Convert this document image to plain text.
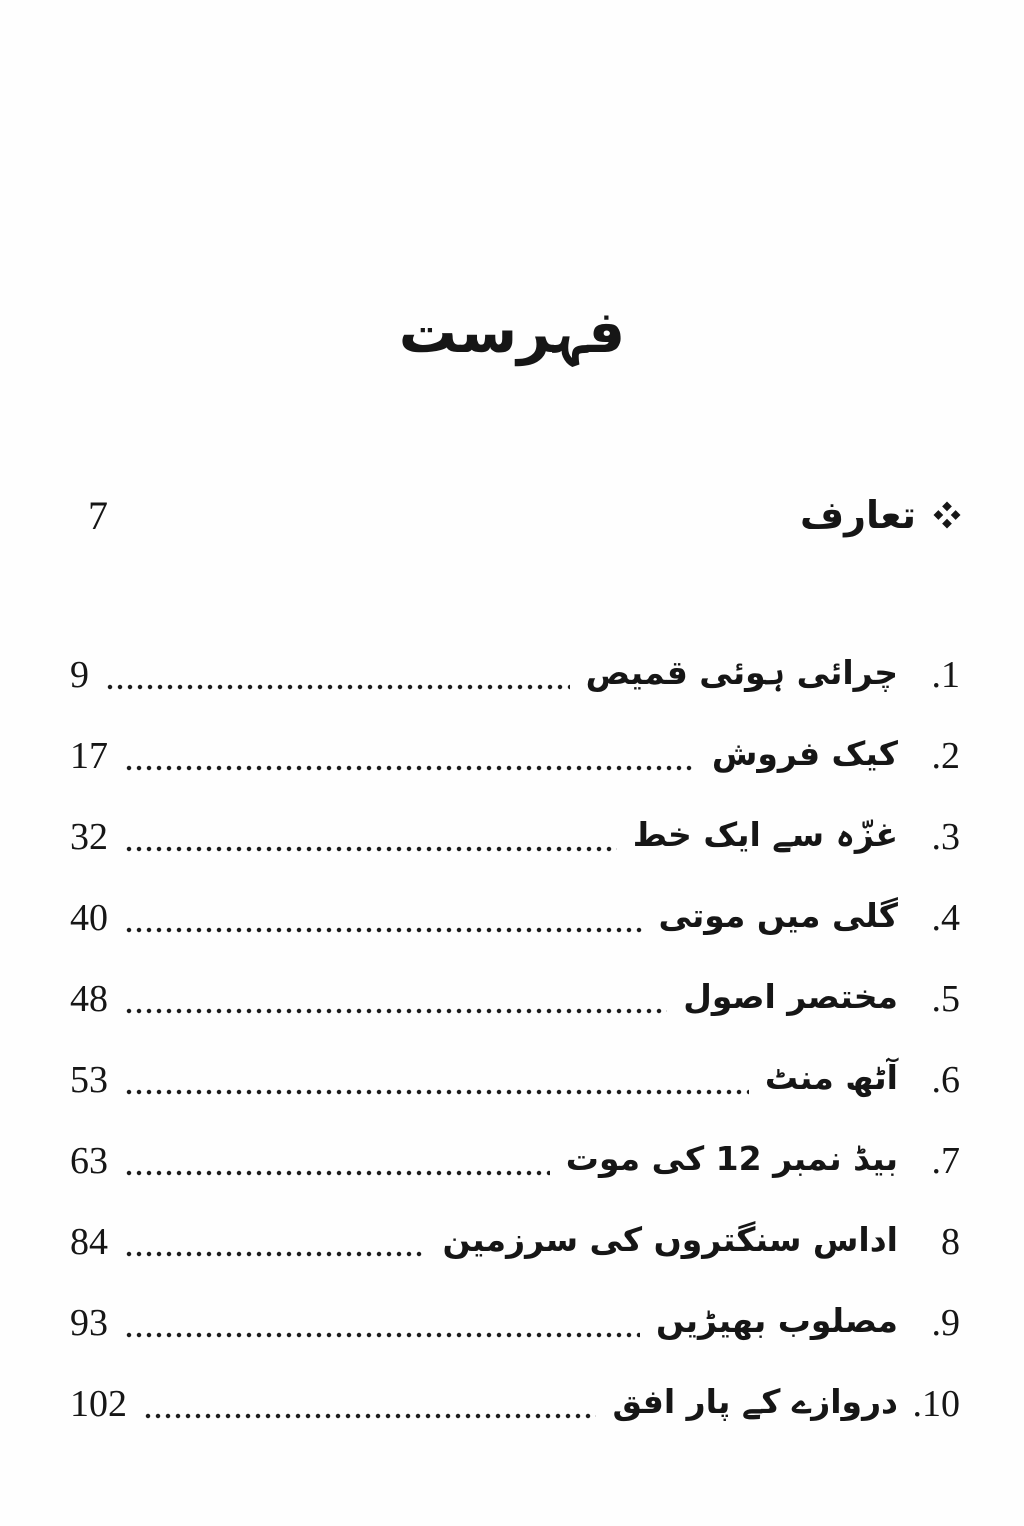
فہرست
تعارف
7
1.
چرائی ہوئی قمیص
9
2.
کیک فروش
17
3.
غزّہ سے ایک خط
32
4.
گلی میں موتی
40
5.
مختصر اصول
48
6.
آٹھ منٹ
53
7.
بیڈ نمبر 12 کی موت
63
8
اداس سنگتروں کی سرزمین
84
9.
مصلوب بھیڑیں
93
10.
دروازے کے پار افق
102
